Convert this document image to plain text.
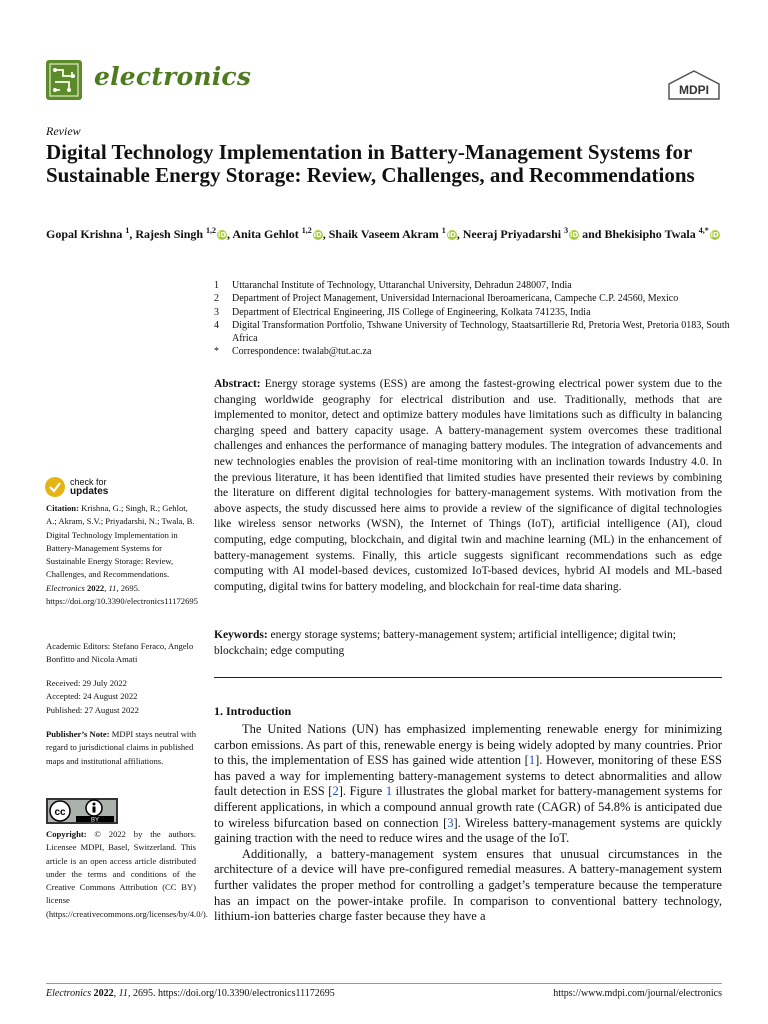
electronics	MDPI
Review
Digital Technology Implementation in Battery-Management Systems for Sustainable Energy Storage: Review, Challenges, and Recommendations
Gopal Krishna $^1$, Rajesh Singh $^{1,2}$iD, Anita Gehlot $^{1,2}$iD, Shaik Vaseem Akram $^1$iD, Neeraj Priyadarshi $^3$iD and Bhekisipho Twala $^{4,*}$iD
1	Uttaranchal Institute of Technology, Uttaranchal University, Dehradun 248007, India
2	Department of Project Management, Universidad Internacional Iberoamericana, Campeche C.P. 24560, Mexico
3	Department of Electrical Engineering, JIS College of Engineering, Kolkata 741235, India
4	Digital Transformation Portfolio, Tshwane University of Technology, Staatsartillerie Rd, Pretoria West, Pretoria 0183, South Africa
*	Correspondence: twalab@tut.ac.za
Abstract: Energy storage systems (ESS) are among the fastest-growing electrical power system due to the changing worldwide geography for electrical distribution and use. Traditionally, methods that are implemented to monitor, detect and optimize battery modules have limitations such as difficulty in balancing charging speed and battery capacity usage. A battery-management system overcomes these traditional challenges and enhances the performance of managing battery modules. The integration of advancements and new technologies enables the provision of real-time monitoring with an inclination towards Industry 4.0. In the previous literature, it has been identified that limited studies have presented their reviews by combining the literature on different digital technologies for battery-management systems. With motivation from the above aspects, the study discussed here aims to provide a review of the significance of digital technologies like wireless sensor networks (WSN), the Internet of Things (IoT), artificial intelligence (AI), cloud computing, edge computing, blockchain, and digital twin and machine learning (ML) in the enhancement of battery-management systems. Finally, this article suggests significant recommendations such as edge computing with AI model-based devices, customized IoT-based devices, hybrid AI models and ML-based computing, digital twins for battery modeling, and blockchain for real-time data sharing.
Keywords: energy storage systems; battery-management system; artificial intelligence; digital twin; blockchain; edge computing
1. Introduction

The United Nations (UN) has emphasized implementing renewable energy for minimizing carbon emissions. As part of this, renewable energy is being widely adopted by many countries. Prior to this, the implementation of ESS has gained wide attention [1]. However, monitoring of these ESS has paved a way for implementing battery-management systems to detect abnormalities and allow fault detection in ESS [2]. Figure 1 illustrates the global market for battery-management systems for different applications, in which a compound annual growth rate (CAGR) of 54.8% is anticipated due to wireless bifurcation based on connection [3]. Wireless battery-management systems are quickly gaining traction with the need to reduce wires and the usage of the IoT.

Additionally, a battery-management system ensures that unusual circumstances in the architecture of a device will have pre-configured remedial measures. A battery-management system further validates the proper method for controlling a gadget’s temperature because the temperature has an impact on the power-intake profile. In comparison to conventional battery technology, lithium-ion batteries charge faster because they have a

check for
updates
Citation: Krishna, G.; Singh, R.; Gehlot, A.; Akram, S.V.; Priyadarshi, N.; Twala, B. Digital Technology Implementation in Battery-Management Systems for Sustainable Energy Storage: Review, Challenges, and Recommendations. Electronics 2022, 11, 2695. https://doi.org/10.3390/electronics11172695
Academic Editors: Stefano Feraco, Angelo Bonfitto and Nicola Amati
Received: 29 July 2022
Accepted: 24 August 2022
Published: 27 August 2022
Publisher’s Note: MDPI stays neutral with regard to jurisdictional claims in published maps and institutional affiliations.
cc
BY
Copyright: © 2022 by the authors. Licensee MDPI, Basel, Switzerland. This article is an open access article distributed under the terms and conditions of the Creative Commons Attribution (CC BY) license (https://creativecommons.org/licenses/by/4.0/).
Electronics 2022, 11, 2695. https://doi.org/10.3390/electronics11172695	https://www.mdpi.com/journal/electronics
